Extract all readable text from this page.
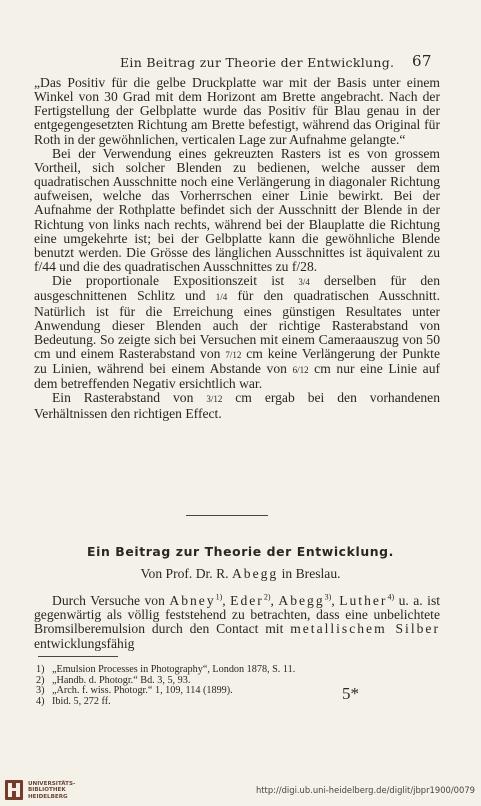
Ein Beitrag zur Theorie der Entwicklung. 67

„Das Positiv für die gelbe Druckplatte war mit der Basis unter einem Winkel von 30 Grad mit dem Horizont am Brette angebracht. Nach der Fertigstellung der Gelbplatte wurde das Positiv für Blau genau in der entgegengesetzten Richtung am Brette befestigt, während das Original für Roth in der gewöhnlichen, verticalen Lage zur Aufnahme gelangte.“

Bei der Verwendung eines gekreuzten Rasters ist es von grossem Vortheil, sich solcher Blenden zu bedienen, welche ausser dem quadratischen Ausschnitte noch eine Verlängerung in diagonaler Richtung aufweisen, welche das Vorherrschen einer Linie bewirkt. Bei der Aufnahme der Rothplatte befindet sich der Ausschnitt der Blende in der Richtung von links nach rechts, während bei der Blauplatte die Richtung eine umgekehrte ist; bei der Gelbplatte kann die gewöhnliche Blende benutzt werden. Die Grösse des länglichen Ausschnittes ist äquivalent zu f/44 und die des quadratischen Ausschnittes zu f/28.

Die proportionale Expositionszeit ist 3/4 derselben für den ausgeschnittenen Schlitz und 1/4 für den quadratischen Ausschnitt. Natürlich ist für die Erreichung eines günstigen Resultates unter Anwendung dieser Blenden auch der richtige Rasterabstand von Bedeutung. So zeigte sich bei Versuchen mit einem Cameraauszug von 50 cm und einem Rasterabstand von 7/12 cm keine Verlängerung der Punkte zu Linien, während bei einem Abstande von 6/12 cm nur eine Linie auf dem betreffenden Negativ ersichtlich war.

Ein Rasterabstand von 3/12 cm ergab bei den vorhandenen Verhältnissen den richtigen Effect.

Ein Beitrag zur Theorie der Entwicklung.
Von Prof. Dr. R. Abegg in Breslau.

Durch Versuche von Abney$^{1)}$, Eder$^{2)}$, Abegg$^{3)}$, Luther$^{4)}$ u. a. ist gegenwärtig als völlig feststehend zu betrachten, dass eine unbelichtete Bromsilberemulsion durch den Contact mit metallischem Silber entwicklungsfähig

1) „Emulsion Processes in Photography“, London 1878, S. 11.
2) „Handb. d. Photogr.“ Bd. 3, 5, 93.
3) „Arch. f. wiss. Photogr.“ 1, 109, 114 (1899).
4) Ibid. 5, 272 ff.	5*
UNIVERSITÄTS-
BIBLIOTHEK
HEIDELBERG
http://digi.ub.uni-heidelberg.de/diglit/jbpr1900/0079
